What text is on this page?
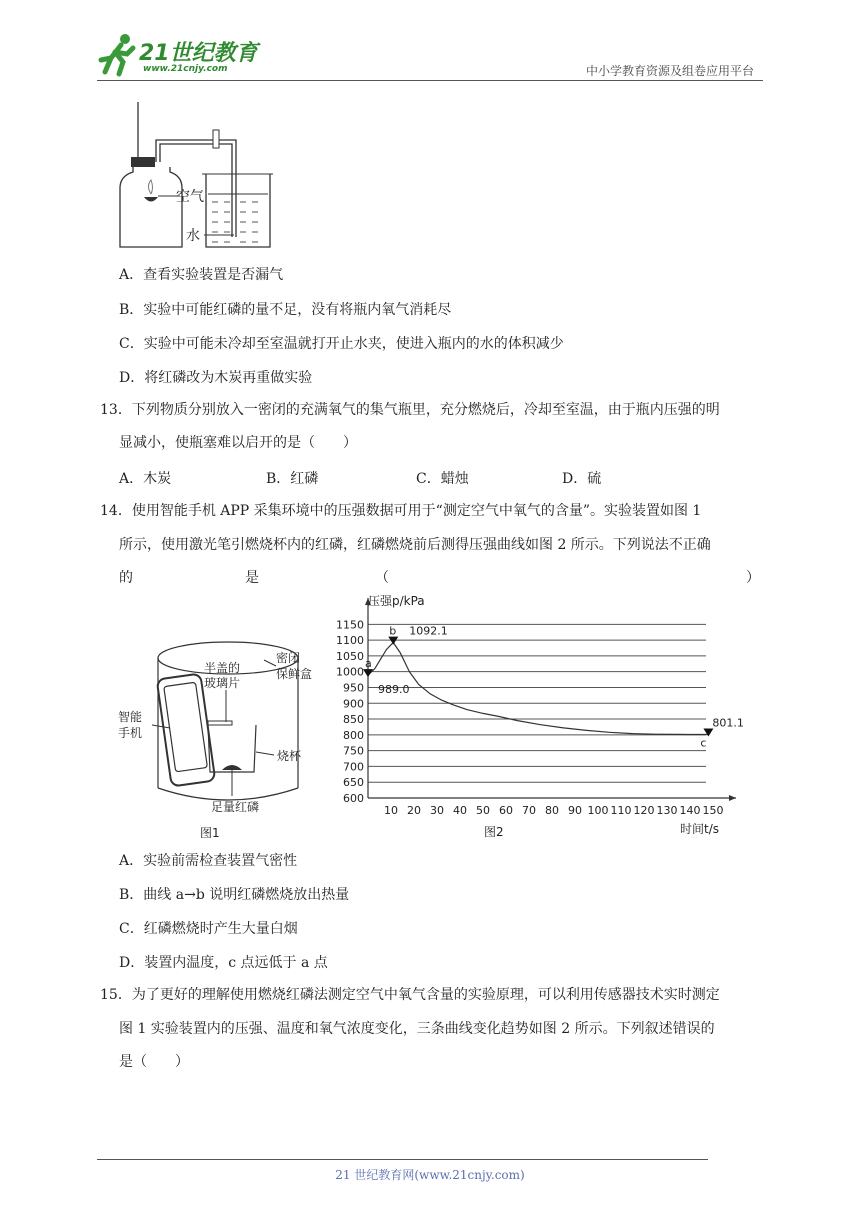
21世纪教育
www.21cnjy.com	中小学教育资源及组卷应用平台
空气
水
A．查看实验装置是否漏气
B．实验中可能红磷的量不足，没有将瓶内氧气消耗尽
C．实验中可能未冷却至室温就打开止水夹，使进入瓶内的水的体积减少
D．将红磷改为木炭再重做实验
13．下列物质分别放入一密闭的充满氧气的集气瓶里，充分燃烧后，冷却至室温，由于瓶内压强的明
显减小，使瓶塞难以启开的是（　　）
A．木炭	B．红磷	C．蜡烛	D．硫
14．使用智能手机 APP 采集环境中的压强数据可用于“测定空气中氧气的含量”。实验装置如图 1
所示，使用激光笔引燃烧杯内的红磷，红磷燃烧前后测得压强曲线如图 2 所示。下列说法不正确
的	是	（	）
密闭
保鲜盒
半盖的
玻璃片
智能
手机
烧杯
足量红磷
图1
1150
1100
1050
1000
950
900
850
800
750
700
650
600
10 20 30 40 50 60 70 80 90 100 110 120 130 140 150
a
989.0
b 1092.1
c
801.1
压强p/kPa
时间t/s
图2
A．实验前需检查装置气密性
B．曲线 a→b 说明红磷燃烧放出热量
C．红磷燃烧时产生大量白烟
D．装置内温度，c 点远低于 a 点
15．为了更好的理解使用燃烧红磷法测定空气中氧气含量的实验原理，可以利用传感器技术实时测定
图 1 实验装置内的压强、温度和氧气浓度变化，三条曲线变化趋势如图 2 所示。下列叙述错误的
是（　　）
21 世纪教育网(www.21cnjy.com)
